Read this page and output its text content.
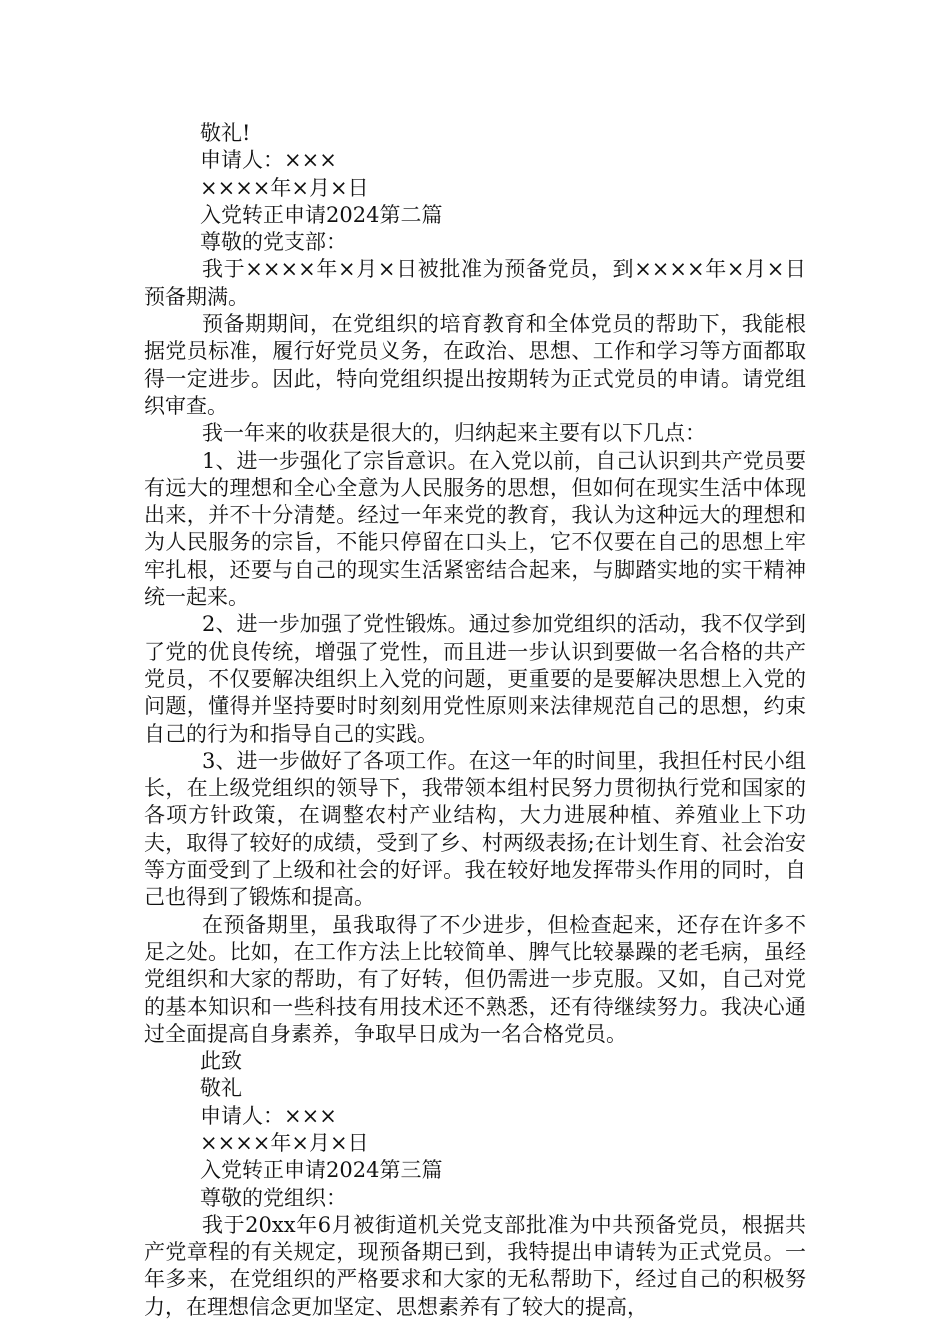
敬礼!

申请人：×××

××××年×月×日

入党转正申请2024第二篇

尊敬的党支部：

我于××××年×月×日被批准为预备党员，到××××年×月×日预备期满。

预备期期间，在党组织的培育教育和全体党员的帮助下，我能根据党员标准，履行好党员义务，在政治、思想、工作和学习等方面都取得一定进步。因此，特向党组织提出按期转为正式党员的申请。请党组织审查。

我一年来的收获是很大的，归纳起来主要有以下几点：

1、进一步强化了宗旨意识。在入党以前，自己认识到共产党员要有远大的理想和全心全意为人民服务的思想，但如何在现实生活中体现出来，并不十分清楚。经过一年来党的教育，我认为这种远大的理想和为人民服务的宗旨，不能只停留在口头上，它不仅要在自己的思想上牢牢扎根，还要与自己的现实生活紧密结合起来，与脚踏实地的实干精神统一起来。

2、进一步加强了党性锻炼。通过参加党组织的活动，我不仅学到了党的优良传统，增强了党性，而且进一步认识到要做一名合格的共产党员，不仅要解决组织上入党的问题，更重要的是要解决思想上入党的问题，懂得并坚持要时时刻刻用党性原则来法律规范自己的思想，约束自己的行为和指导自己的实践。

3、进一步做好了各项工作。在这一年的时间里，我担任村民小组长，在上级党组织的领导下，我带领本组村民努力贯彻执行党和国家的各项方针政策，在调整农村产业结构，大力进展种植、养殖业上下功夫，取得了较好的成绩，受到了乡、村两级表扬;在计划生育、社会治安等方面受到了上级和社会的好评。我在较好地发挥带头作用的同时，自己也得到了锻炼和提高。

在预备期里，虽我取得了不少进步，但检查起来，还存在许多不足之处。比如，在工作方法上比较简单、脾气比较暴躁的老毛病，虽经党组织和大家的帮助，有了好转，但仍需进一步克服。又如，自己对党的基本知识和一些科技有用技术还不熟悉，还有待继续努力。我决心通过全面提高自身素养，争取早日成为一名合格党员。

此致

敬礼

申请人：×××

××××年×月×日

入党转正申请2024第三篇

尊敬的党组织：

我于20xx年6月被街道机关党支部批准为中共预备党员，根据共产党章程的有关规定，现预备期已到，我特提出申请转为正式党员。一年多来，在党组织的严格要求和大家的无私帮助下，经过自己的积极努力，在理想信念更加坚定、思想素养有了较大的提高，
